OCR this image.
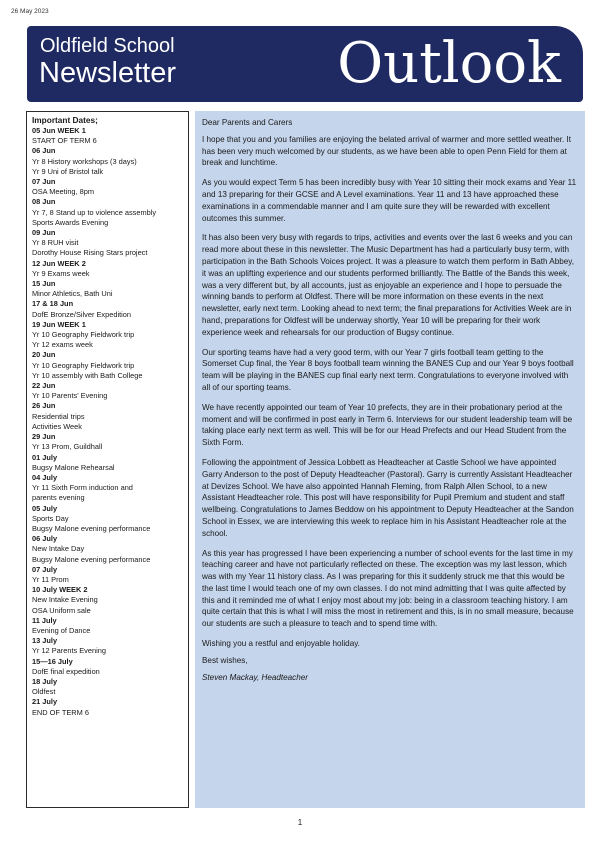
26 May 2023
Oldfield School
Newsletter	Outlook
Important Dates;
05 Jun WEEK 1
START OF TERM 6
06 Jun
Yr 8 History workshops (3 days)
Yr 9 Uni of Bristol talk
07 Jun
OSA Meeting, 8pm
08 Jun
Yr 7, 8 Stand up to violence assembly
Sports Awards Evening
09 Jun
Yr 8 RUH visit
Dorothy House Rising Stars project
12 Jun WEEK 2
Yr 9 Exams week
15 Jun
Minor Athletics, Bath Uni
17 & 18 Jun
DofE Bronze/Silver Expedition
19 Jun WEEK 1
Yr 10 Geography Fieldwork trip
Yr 12 exams week
20 Jun
Yr 10 Geography Fieldwork trip
Yr 10 assembly with Bath College
22 Jun
Yr 10 Parents' Evening
26 Jun
Residential trips
Activities Week
29 Jun
Yr 13 Prom, Guildhall
01 July
Bugsy Malone Rehearsal
04 July
Yr 11 Sixth Form induction and
parents evening
05 July
Sports Day
Bugsy Malone evening performance
06 July
New Intake Day
Bugsy Malone evening performance
07 July
Yr 11 Prom
10 July WEEK 2
New Intake Evening
OSA Uniform sale
11 July
Evening of Dance
13 July
Yr 12 Parents Evening
15—16 July
DofE final expedition
18 July
Oldfest
21 July
END OF TERM 6

Dear Parents and Carers

I hope that you and you families are enjoying the belated arrival of warmer and more settled weather. It has been very much welcomed by our students, as we have been able to open Penn Field for them at break and lunchtime.

As you would expect Term 5 has been incredibly busy with Year 10 sitting their mock exams and Year 11 and 13 preparing for their GCSE and A Level examinations. Year 11 and 13 have approached these examinations in a commendable manner and I am quite sure they will be rewarded with excellent outcomes this summer.

It has also been very busy with regards to trips, activities and events over the last 6 weeks and you can read more about these in this newsletter. The Music Department has had a particularly busy term, with participation in the Bath Schools Voices project. It was a pleasure to watch them perform in Bath Abbey, it was an uplifting experience and our students performed brilliantly. The Battle of the Bands this week, was a very different but, by all accounts, just as enjoyable an experience and I hope to persuade the winning bands to perform at Oldfest. There will be more information on these events in the next newsletter, early next term. Looking ahead to next term; the final preparations for Activities Week are in hand, preparations for Oldfest will be underway shortly, Year 10 will be preparing for their work experience week and rehearsals for our production of Bugsy continue.

Our sporting teams have had a very good term, with our Year 7 girls football team getting to the Somerset Cup final, the Year 8 boys football team winning the BANES Cup and our Year 9 boys football team will be playing in the BANES cup final early next term. Congratulations to everyone involved with all of our sporting teams.

We have recently appointed our team of Year 10 prefects, they are in their probationary period at the moment and will be confirmed in post early in Term 6. Interviews for our student leadership team will be taking place early next term as well. This will be for our Head Prefects and our Head Student from the Sixth Form.

Following the appointment of Jessica Lobbett as Headteacher at Castle School we have appointed Garry Anderson to the post of Deputy Headteacher (Pastoral). Garry is currently Assistant Headteacher at Devizes School. We have also appointed Hannah Fleming, from Ralph Allen School, to a new Assistant Headteacher role. This post will have responsibility for Pupil Premium and student and staff wellbeing. Congratulations to James Beddow on his appointment to Deputy Headteacher at the Sandon School in Essex, we are interviewing this week to replace him in his Assistant Headteacher role at the school.

As this year has progressed I have been experiencing a number of school events for the last time in my teaching career and have not particularly reflected on these. The exception was my last lesson, which was with my Year 11 history class. As I was preparing for this it suddenly struck me that this would be the last time I would teach one of my own classes. I do not mind admitting that I was quite affected by this and it reminded me of what I enjoy most about my job: being in a classroom teaching history. I am quite certain that this is what I will miss the most in retirement and this, is in no small measure, because our students are such a pleasure to teach and to spend time with.

Wishing you a restful and enjoyable holiday.

Best wishes,

Steven Mackay, Headteacher

1
